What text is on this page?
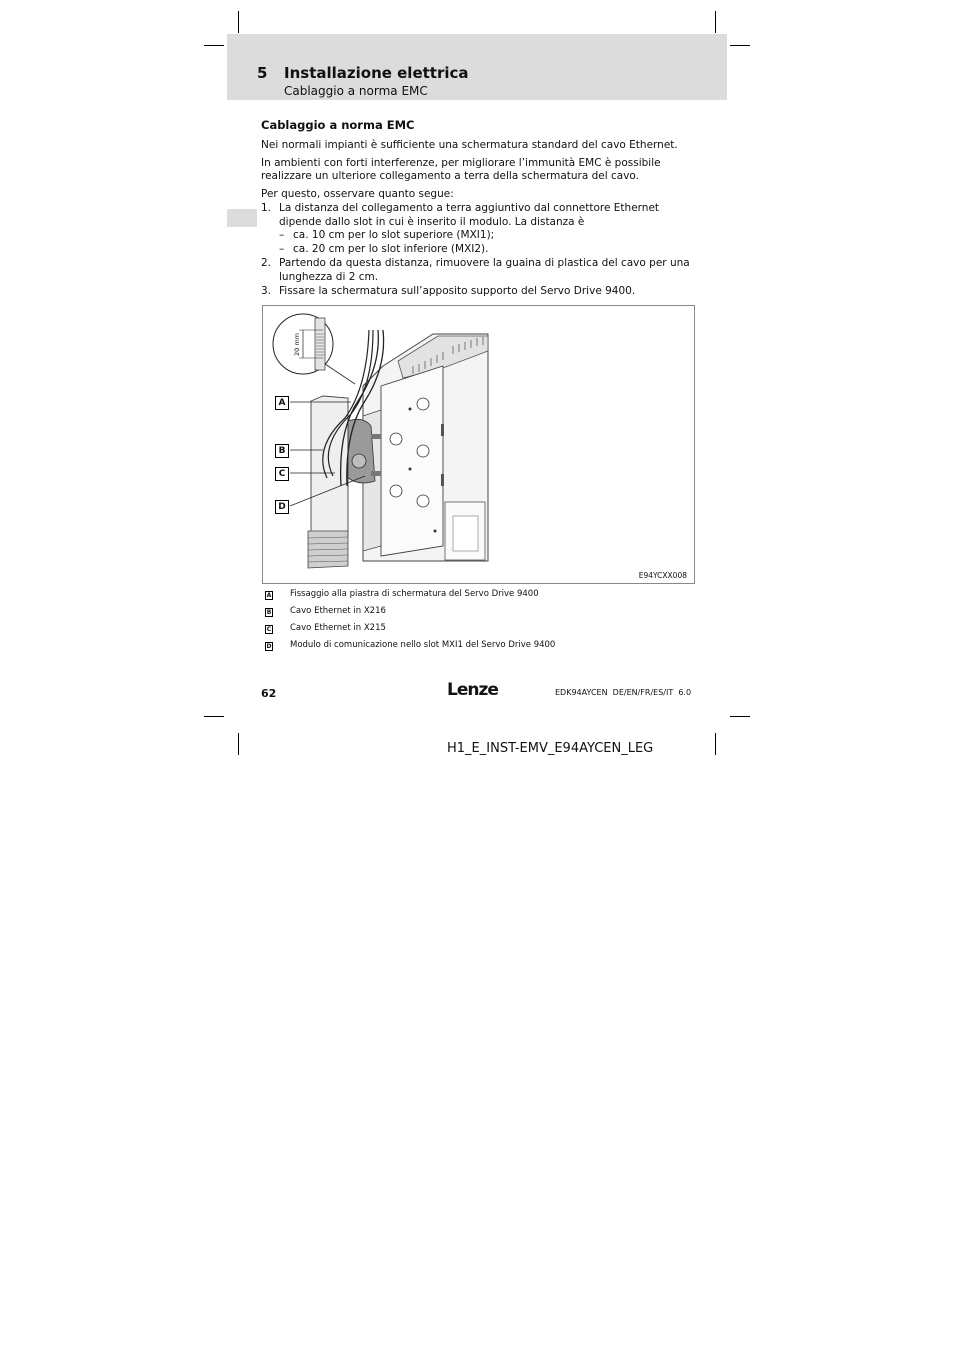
5 Installazione elettrica
Cablaggio a norma EMC
Cablaggio a norma EMC

Nei normali impianti è sufficiente una schermatura standard del cavo Ethernet.

In ambienti con forti interferenze, per migliorare l’immunità EMC è possibile realizzare un ulteriore collegamento a terra della schermatura del cavo.

Per questo, osservare quanto segue:

1. La distanza del collegamento a terra aggiuntivo dal connettore Ethernet dipende dallo slot in cui è inserito il modulo. La distanza è
– ca. 10 cm per lo slot superiore (MXI1);
– ca. 20 cm per lo slot inferiore (MXI2).
2. Partendo da questa distanza, rimuovere la guaina di plastica del cavo per una lunghezza di 2 cm.
3. Fissare la schermatura sull’apposito supporto del Servo Drive 9400.
20 mm
A
B
C
D
E94YCXX008
A Fissaggio alla piastra di schermatura del Servo Drive 9400
B Cavo Ethernet in X216
C Cavo Ethernet in X215
D Modulo di comunicazione nello slot MXI1 del Servo Drive 9400
62	Lenze	EDK94AYCEN  DE/EN/FR/ES/IT  6.0
H1_E_INST-EMV_E94AYCEN_LEG
